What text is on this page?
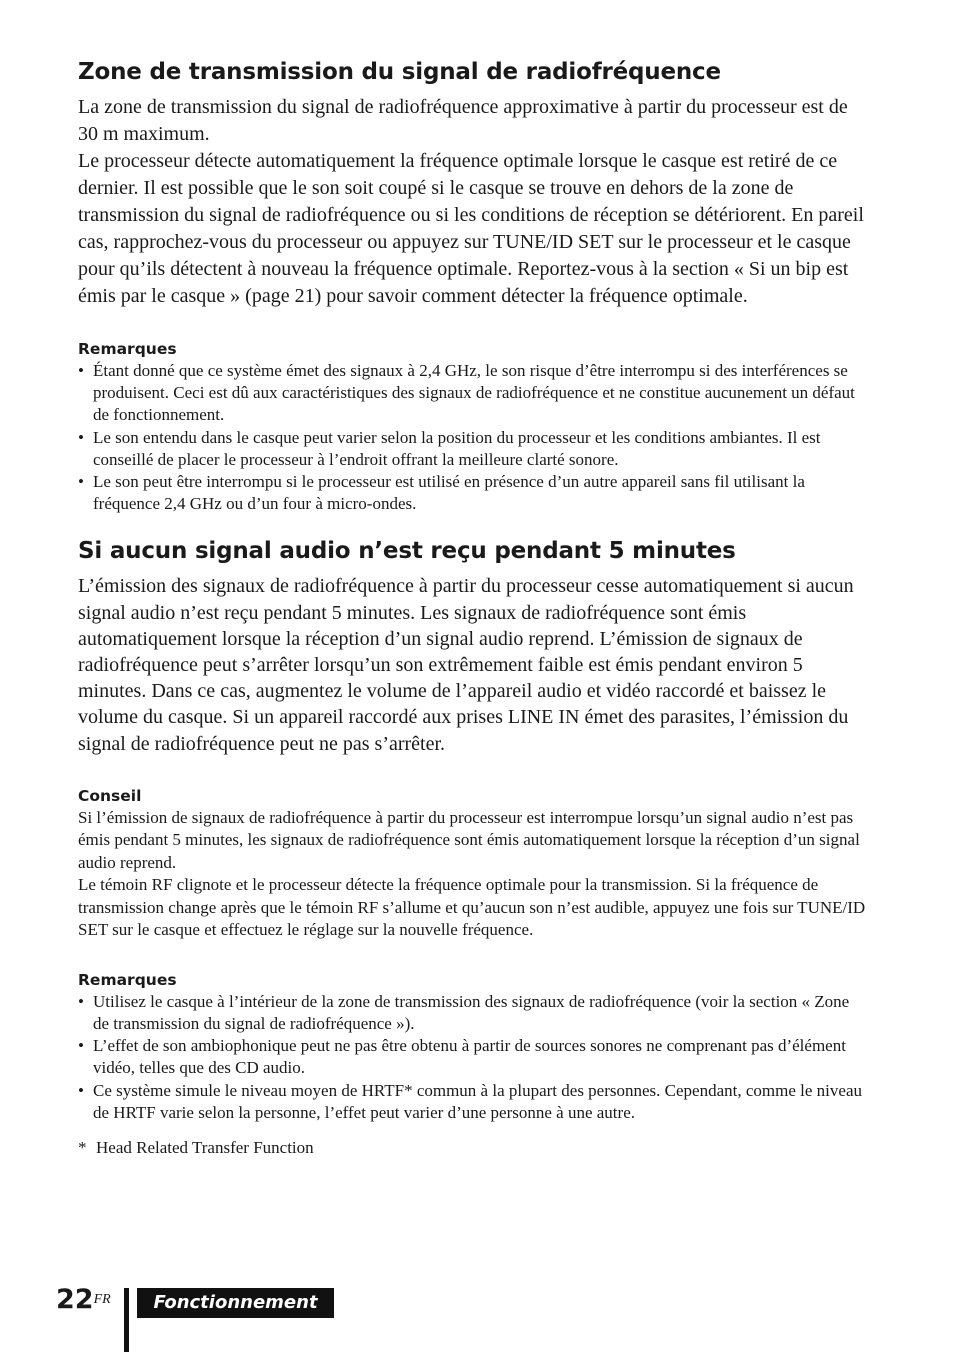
Zone de transmission du signal de radiofréquence

La zone de transmission du signal de radiofréquence approximative à partir du processeur est de 30 m maximum.

Le processeur détecte automatiquement la fréquence optimale lorsque le casque est retiré de ce dernier. Il est possible que le son soit coupé si le casque se trouve en dehors de la zone de transmission du signal de radiofréquence ou si les conditions de réception se détériorent. En pareil cas, rapprochez-vous du processeur ou appuyez sur TUNE/ID SET sur le processeur et le casque pour qu’ils détectent à nouveau la fréquence optimale. Reportez-vous à la section « Si un bip est émis par le casque » (page 21) pour savoir comment détecter la fréquence optimale.

Remarques
• Étant donné que ce système émet des signaux à 2,4 GHz, le son risque d’être interrompu si des interférences se produisent. Ceci est dû aux caractéristiques des signaux de radiofréquence et ne constitue aucunement un défaut de fonctionnement.
• Le son entendu dans le casque peut varier selon la position du processeur et les conditions ambiantes. Il est conseillé de placer le processeur à l’endroit offrant la meilleure clarté sonore.
• Le son peut être interrompu si le processeur est utilisé en présence d’un autre appareil sans fil utilisant la fréquence 2,4 GHz ou d’un four à micro-ondes.
Si aucun signal audio n’est reçu pendant 5 minutes

L’émission des signaux de radiofréquence à partir du processeur cesse automatiquement si aucun signal audio n’est reçu pendant 5 minutes. Les signaux de radiofréquence sont émis automatiquement lorsque la réception d’un signal audio reprend. L’émission de signaux de radiofréquence peut s’arrêter lorsqu’un son extrêmement faible est émis pendant environ 5 minutes. Dans ce cas, augmentez le volume de l’appareil audio et vidéo raccordé et baissez le volume du casque. Si un appareil raccordé aux prises LINE IN émet des parasites, l’émission du signal de radiofréquence peut ne pas s’arrêter.

Conseil

Si l’émission de signaux de radiofréquence à partir du processeur est interrompue lorsqu’un signal audio n’est pas émis pendant 5 minutes, les signaux de radiofréquence sont émis automatiquement lorsque la réception d’un signal audio reprend.

Le témoin RF clignote et le processeur détecte la fréquence optimale pour la transmission. Si la fréquence de transmission change après que le témoin RF s’allume et qu’aucun son n’est audible, appuyez une fois sur TUNE/ID SET sur le casque et effectuez le réglage sur la nouvelle fréquence.

Remarques
• Utilisez le casque à l’intérieur de la zone de transmission des signaux de radiofréquence (voir la section « Zone de transmission du signal de radiofréquence »).
• L’effet de son ambiophonique peut ne pas être obtenu à partir de sources sonores ne comprenant pas d’élément vidéo, telles que des CD audio.
• Ce système simule le niveau moyen de HRTF* commun à la plupart des personnes. Cependant, comme le niveau de HRTF varie selon la personne, l’effet peut varier d’une personne à une autre.

* Head Related Transfer Function

$22^{FR}$	Fonctionnement
